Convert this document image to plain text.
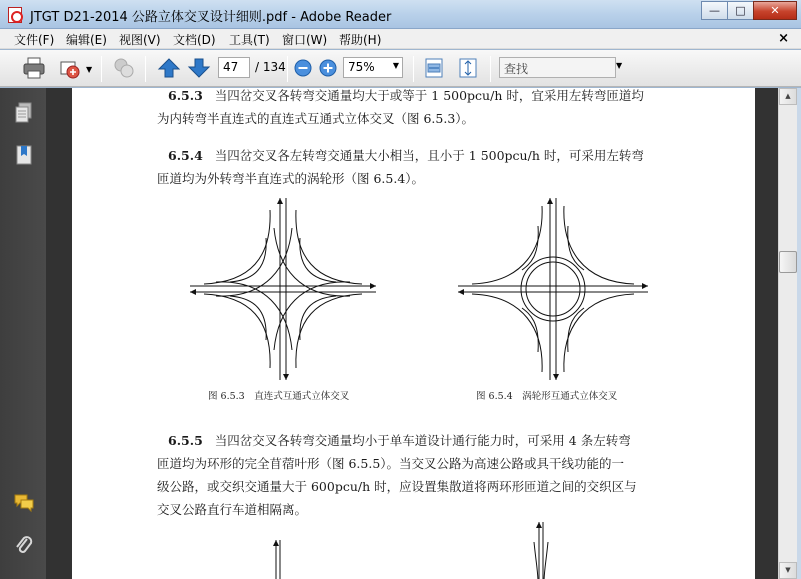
JTGT D21-2014 公路立体交叉设计细则.pdf - Adobe Reader	—	□	✕
文件(F) 编辑(E) 视图(V) 文档(D) 工具(T) 窗口(W) 帮助(H)	×
▼	47	/ 134	75% ▼	查找	▼
6.5.3 当四岔交叉各转弯交通量均大于或等于 1 500pcu/h 时，宜采用左转弯匝道均
为内转弯半直连式的直连式互通式立体交叉（图 6.5.3）。
6.5.4 当四岔交叉各左转弯交通量大小相当，且小于 1 500pcu/h 时，可采用左转弯
匝道均为外转弯半直连式的涡轮形（图 6.5.4）。
图 6.5.3　直连式互通式立体交叉	图 6.5.4　涡轮形互通式立体交叉
6.5.5 当四岔交叉各转弯交通量均小于单车道设计通行能力时，可采用 4 条左转弯
匝道均为环形的完全苜蓿叶形（图 6.5.5）。当交叉公路为高速公路或具干线功能的一
级公路，或交织交通量大于 600pcu/h 时，应设置集散道将两环形匝道之间的交织区与
交叉公路直行车道相隔离。
▲
▼
